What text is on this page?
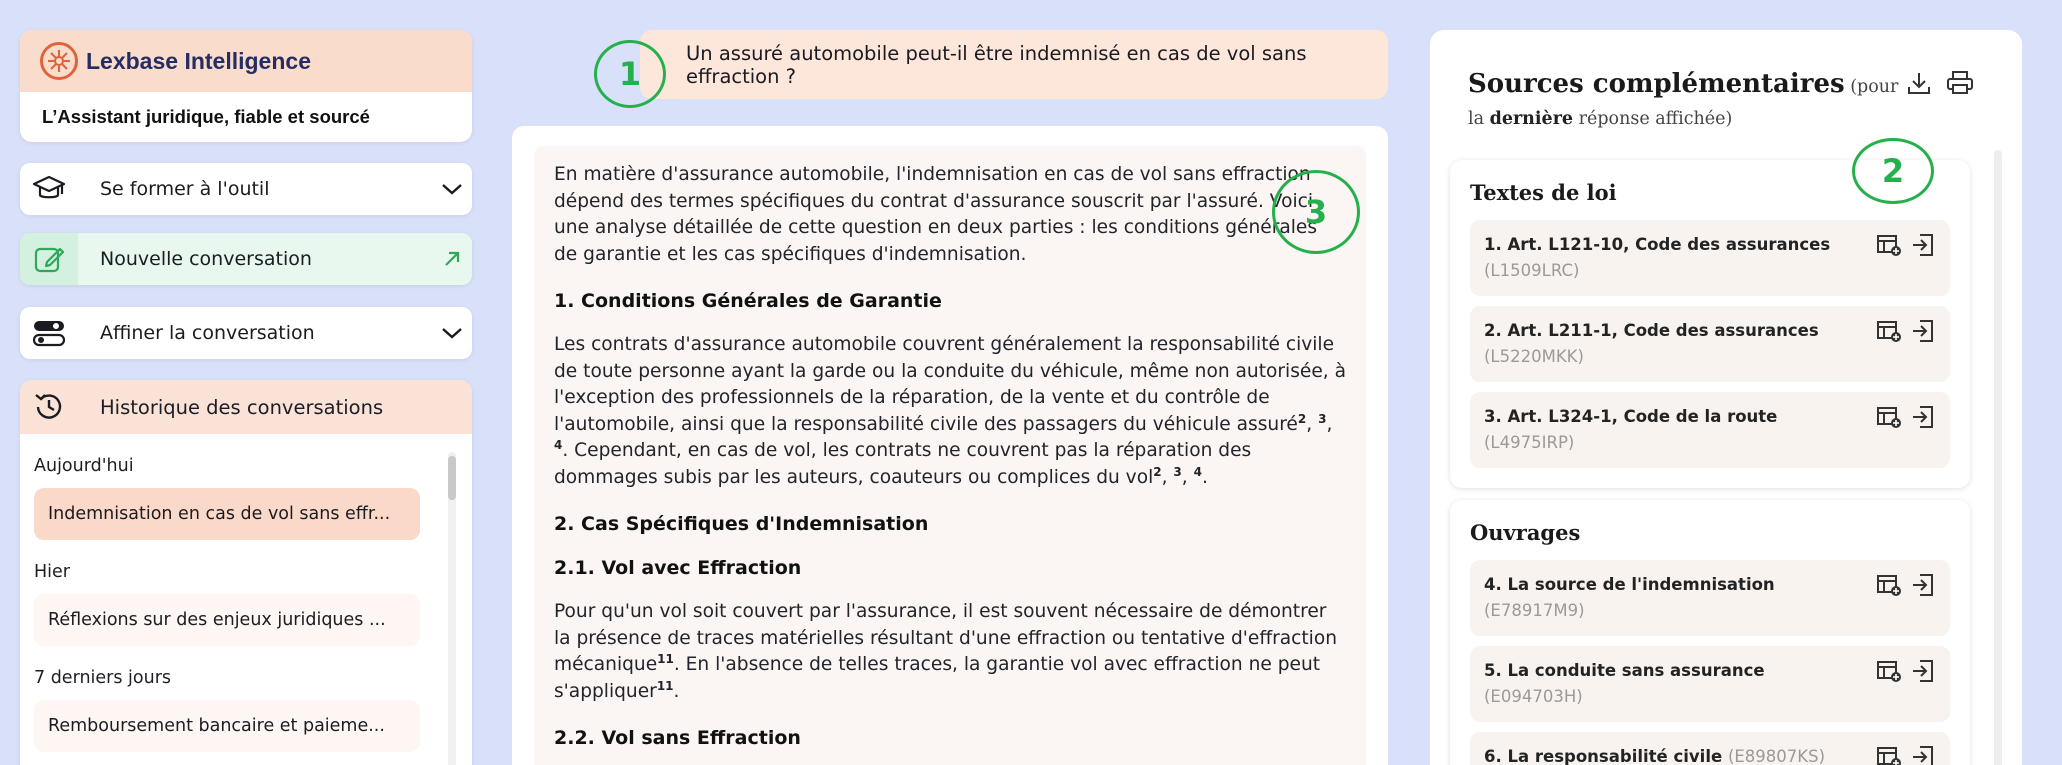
Lexbase Intelligence
L’Assistant juridique, fiable et sourcé
Se former à l'outil
Nouvelle conversation
Affiner la conversation
Historique des conversations
Aujourd'hui
Indemnisation en cas de vol sans effr...
Hier
Réflexions sur des enjeux juridiques ...
7 derniers jours
Remboursement bancaire et paieme...
Un assuré automobile peut-il être indemnisé en cas de vol sans effraction ?

En matière d'assurance automobile, l'indemnisation en cas de vol sans effraction dépend des termes spécifiques du contrat d'assurance souscrit par l'assuré. Voici une analyse détaillée de cette question en deux parties : les conditions générales de garantie et les cas spécifiques d'indemnisation.

1. Conditions Générales de Garantie

Les contrats d'assurance automobile couvrent généralement la responsabilité civile de toute personne ayant la garde ou la conduite du véhicule, même non autorisée, à l'exception des professionnels de la réparation, de la vente et du contrôle de l'automobile, ainsi que la responsabilité civile des passagers du véhicule assuré$^2$, $^3$, $^4$. Cependant, en cas de vol, les contrats ne couvrent pas la réparation des dommages subis par les auteurs, coauteurs ou complices du vol$^2$, $^3$, $^4$.

2. Cas Spécifiques d'Indemnisation
2.1. Vol avec Effraction

Pour qu'un vol soit couvert par l'assurance, il est souvent nécessaire de démontrer la présence de traces matérielles résultant d'une effraction ou tentative d'effraction mécanique$^{11}$. En l'absence de telles traces, la garantie vol avec effraction ne peut s'appliquer$^{11}$.

2.2. Vol sans Effraction
Sources complémentaires (pour la dernière réponse affichée)
Textes de loi
1. Art. L121-10, Code des assurances (L1509LRC)
2. Art. L211-1, Code des assurances (L5220MKK)
3. Art. L324-1, Code de la route (L4975IRP)
Ouvrages
4. La source de l'indemnisation (E78917M9)
5. La conduite sans assurance (E094703H)
6. La responsabilité civile (E89807KS)
1
2
3
